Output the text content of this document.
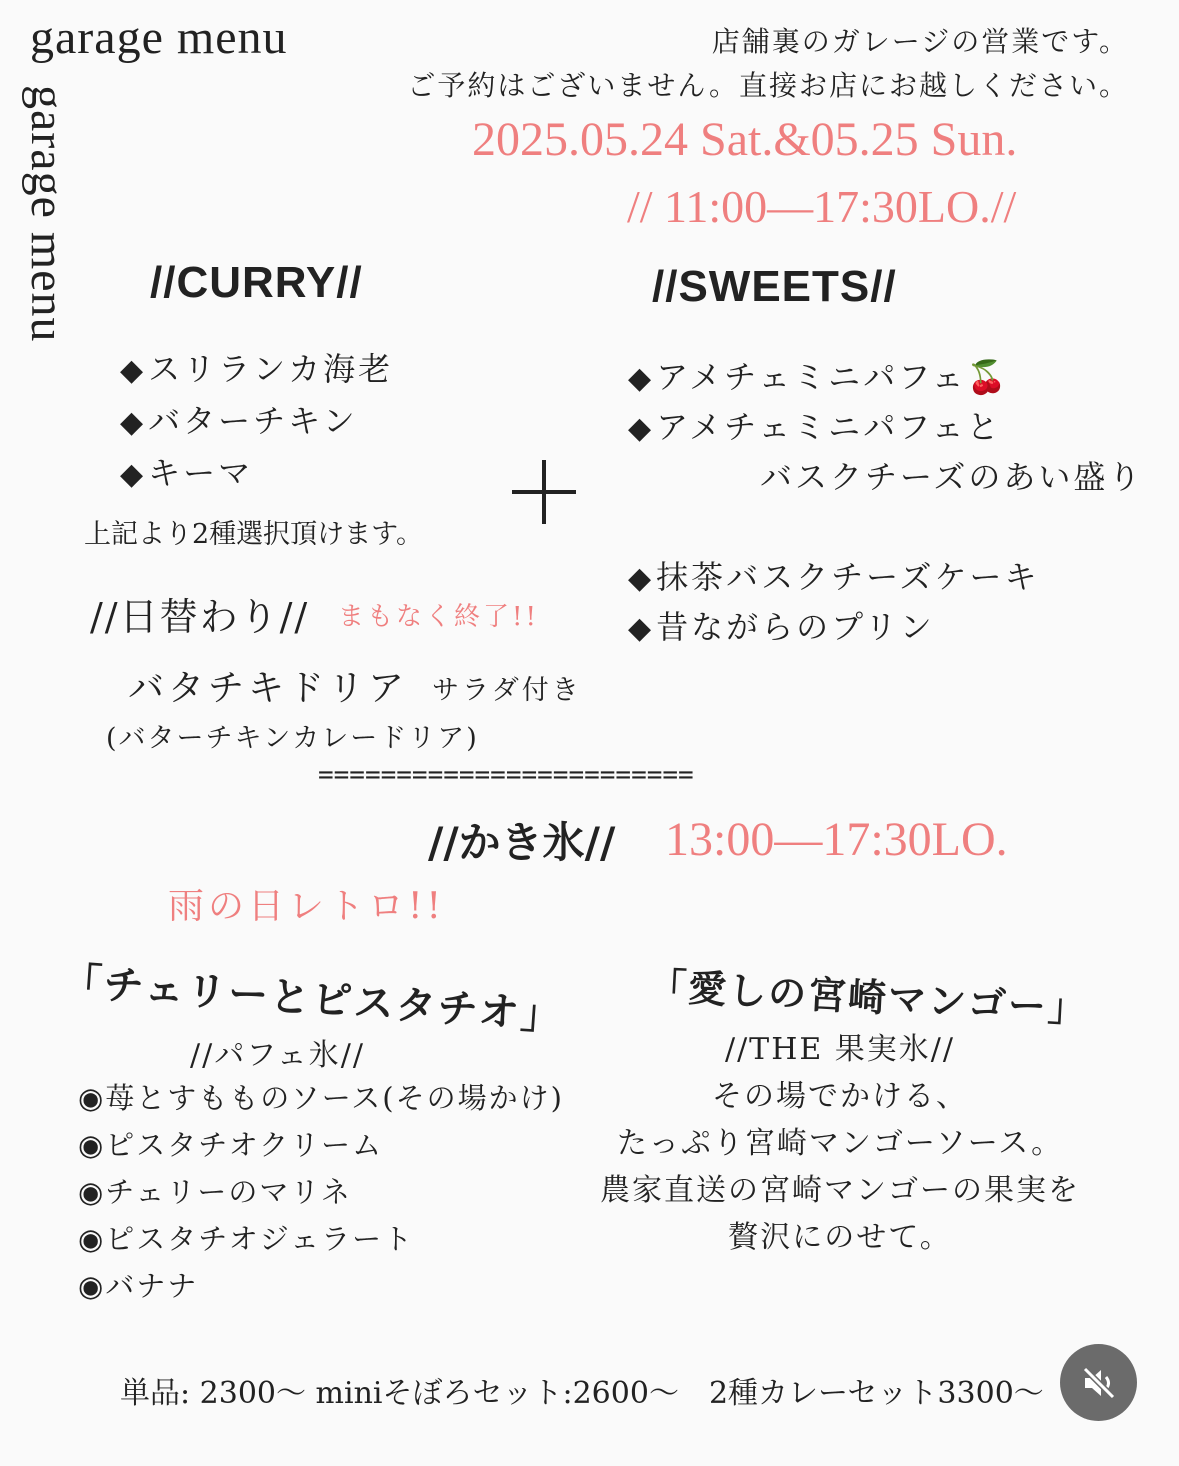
garage menu
garage menu
店舗裏のガレージの営業です。
ご予約はございません。直接お店にお越しください。
2025.05.24 Sat.&05.25 Sun.
// 11:00—17:30LO.//
//CURRY//
◆スリランカ海老
◆バターチキン
◆キーマ
上記より2種選択頂けます。
//SWEETS//
◆アメチェミニパフェ🍒
◆アメチェミニパフェと
バスクチーズのあい盛り
◆抹茶バスクチーズケーキ
◆昔ながらのプリン
//日替わり// まもなく終了!!
バタチキドリア サラダ付き
(バターチキンカレードリア)
========================
//かき氷// 13:00—17:30LO.
雨の日レトロ!!
「チェリーとピスタチオ」
//パフェ氷//
◉苺とすもものソース(その場かけ)
◉ピスタチオクリーム
◉チェリーのマリネ
◉ピスタチオジェラート
◉バナナ
「愛しの宮崎マンゴー」
//THE 果実氷//
その場でかける、
たっぷり宮崎マンゴーソース。
農家直送の宮崎マンゴーの果実を
贅沢にのせて。
単品: 2300〜 miniそぼろセット:2600〜　2種カレーセット3300〜
